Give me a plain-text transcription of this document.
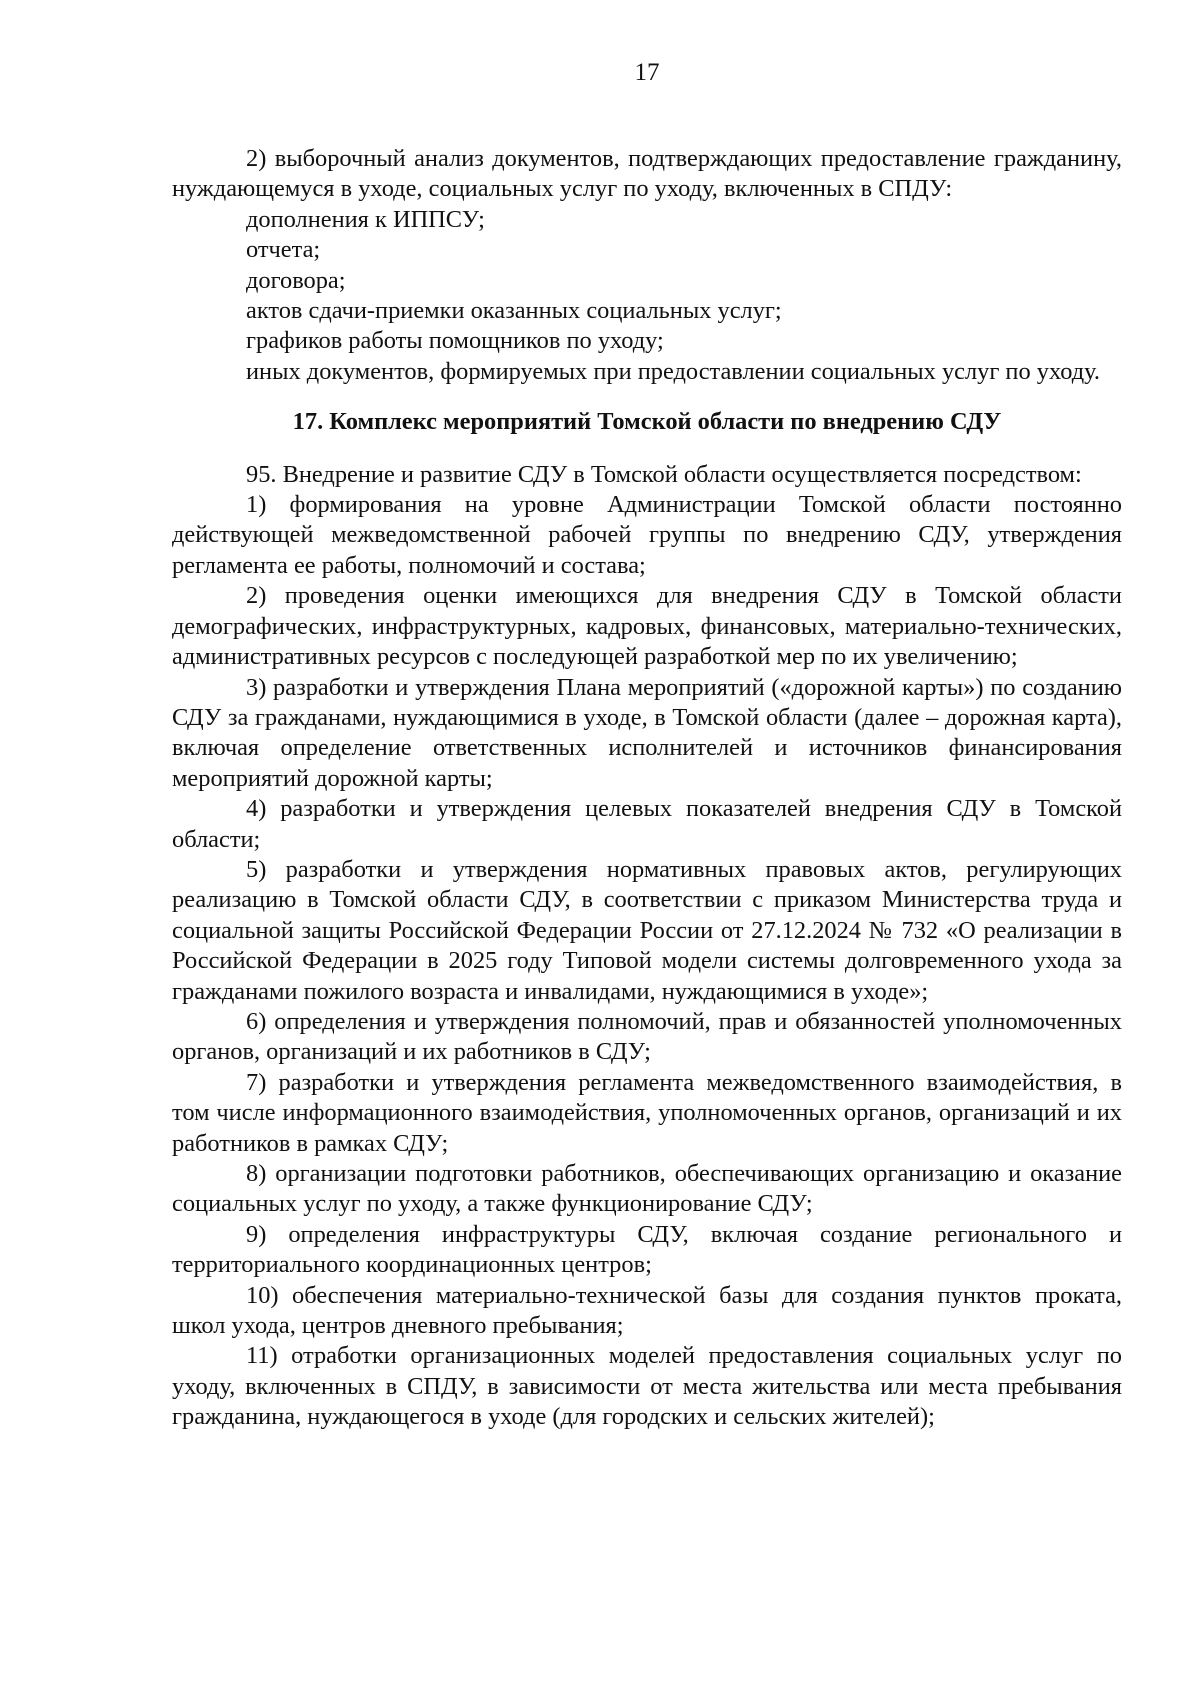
17

2) выборочный анализ документов, подтверждающих предоставление гражданину, нуждающемуся в уходе, социальных услуг по уходу, включенных в СПДУ:

дополнения к ИППСУ;

отчета;

договора;

актов сдачи-приемки оказанных социальных услуг;

графиков работы помощников по уходу;

иных документов, формируемых при предоставлении социальных услуг по уходу.

17. Комплекс мероприятий Томской области по внедрению СДУ

95. Внедрение и развитие СДУ в Томской области осуществляется посредством:

1) формирования на уровне Администрации Томской области постоянно действующей межведомственной рабочей группы по внедрению СДУ, утверждения регламента ее работы, полномочий и состава;

2) проведения оценки имеющихся для внедрения СДУ в Томской области демографических, инфраструктурных, кадровых, финансовых, материально-технических, административных ресурсов с последующей разработкой мер по их увеличению;

3) разработки и утверждения Плана мероприятий («дорожной карты») по созданию СДУ за гражданами, нуждающимися в уходе, в Томской области (далее – дорожная карта), включая определение ответственных исполнителей и источников финансирования мероприятий дорожной карты;

4) разработки и утверждения целевых показателей внедрения СДУ в Томской области;

5) разработки и утверждения нормативных правовых актов, регулирующих реализацию в Томской области СДУ, в соответствии с приказом Министерства труда и социальной защиты Российской Федерации России от 27.12.2024 № 732 «О реализации в Российской Федерации в 2025 году Типовой модели системы долговременного ухода за гражданами пожилого возраста и инвалидами, нуждающимися в уходе»;

6) определения и утверждения полномочий, прав и обязанностей уполномоченных органов, организаций и их работников в СДУ;

7) разработки и утверждения регламента межведомственного взаимодействия, в том числе информационного взаимодействия, уполномоченных органов, организаций и их работников в рамках СДУ;

8) организации подготовки работников, обеспечивающих организацию и оказание социальных услуг по уходу, а также функционирование СДУ;

9) определения инфраструктуры СДУ, включая создание регионального и территориального координационных центров;

10) обеспечения материально-технической базы для создания пунктов проката, школ ухода, центров дневного пребывания;

11) отработки организационных моделей предоставления социальных услуг по уходу, включенных в СПДУ, в зависимости от места жительства или места пребывания гражданина, нуждающегося в уходе (для городских и сельских жителей);
